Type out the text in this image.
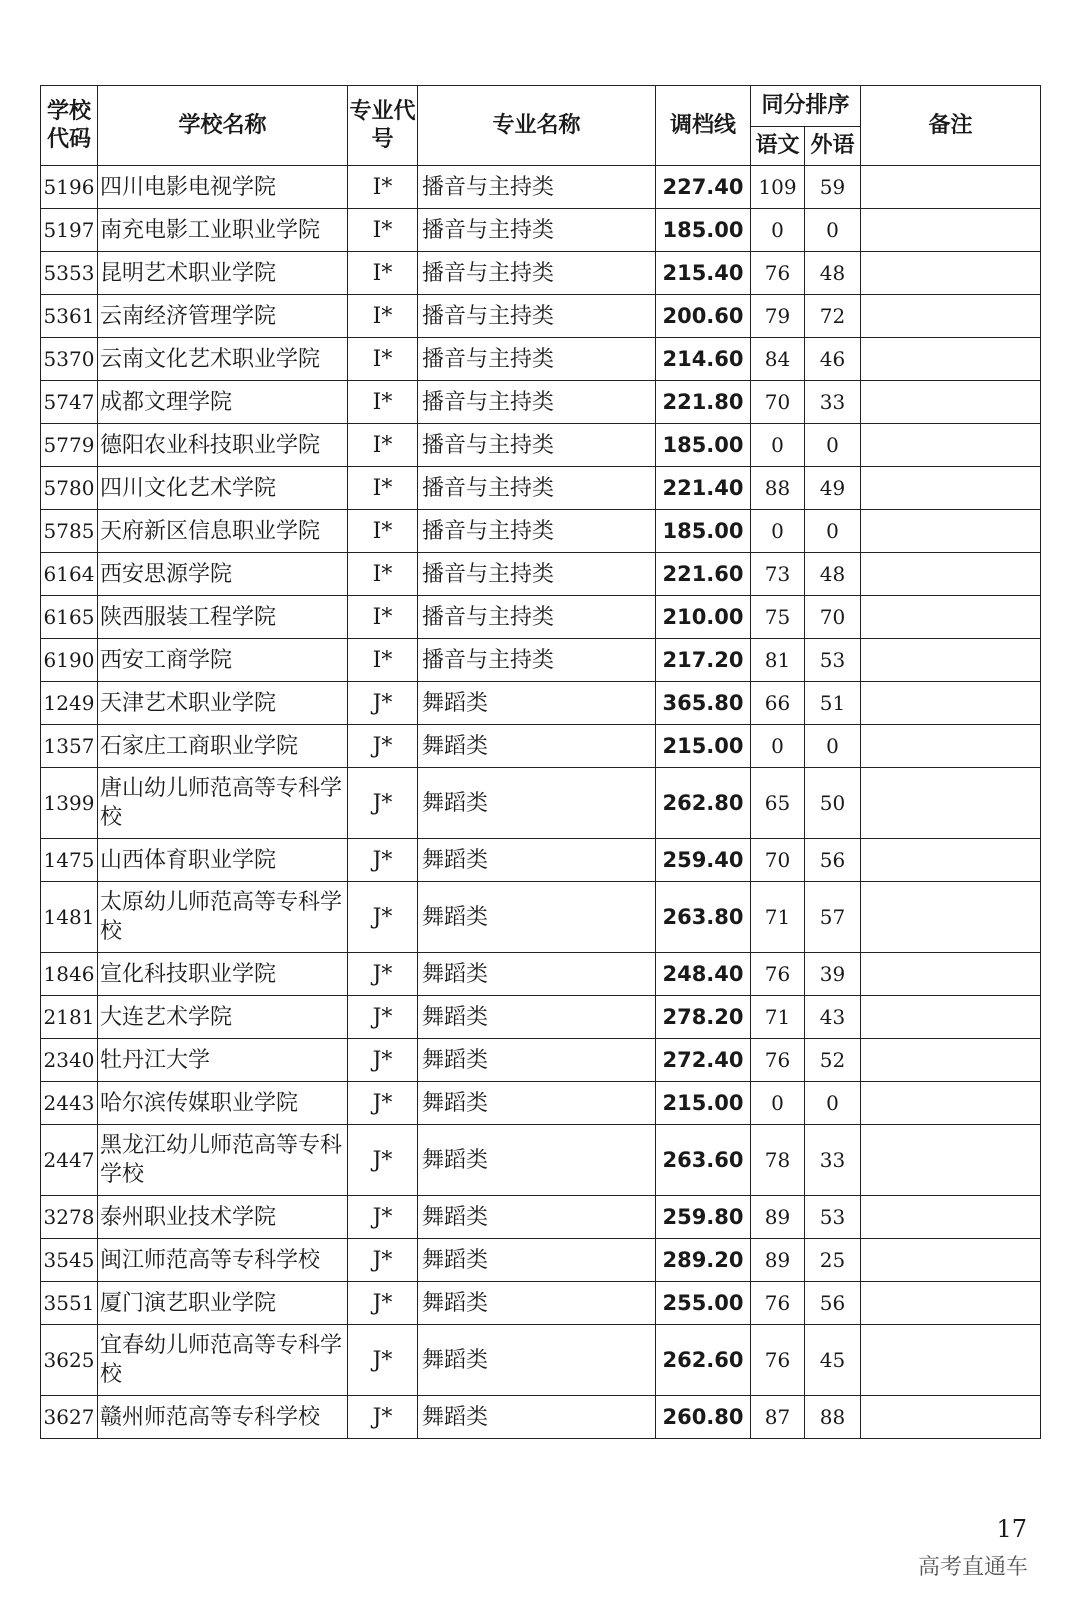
学校代码	学校名称	专业代号	专业名称	调档线	同分排序		备注
					语文	外语	
5196	四川电影电视学院	I*	播音与主持类	227.40	109	59	
5197	南充电影工业职业学院	I*	播音与主持类	185.00	0	0	
5353	昆明艺术职业学院	I*	播音与主持类	215.40	76	48	
5361	云南经济管理学院	I*	播音与主持类	200.60	79	72	
5370	云南文化艺术职业学院	I*	播音与主持类	214.60	84	46	
5747	成都文理学院	I*	播音与主持类	221.80	70	33	
5779	德阳农业科技职业学院	I*	播音与主持类	185.00	0	0	
5780	四川文化艺术学院	I*	播音与主持类	221.40	88	49	
5785	天府新区信息职业学院	I*	播音与主持类	185.00	0	0	
6164	西安思源学院	I*	播音与主持类	221.60	73	48	
6165	陕西服装工程学院	I*	播音与主持类	210.00	75	70	
6190	西安工商学院	I*	播音与主持类	217.20	81	53	
1249	天津艺术职业学院	J*	舞蹈类	365.80	66	51	
1357	石家庄工商职业学院	J*	舞蹈类	215.00	0	0	
1399	唐山幼儿师范高等专科学校	J*	舞蹈类	262.80	65	50	
1475	山西体育职业学院	J*	舞蹈类	259.40	70	56	
1481	太原幼儿师范高等专科学校	J*	舞蹈类	263.80	71	57	
1846	宣化科技职业学院	J*	舞蹈类	248.40	76	39	
2181	大连艺术学院	J*	舞蹈类	278.20	71	43	
2340	牡丹江大学	J*	舞蹈类	272.40	76	52	
2443	哈尔滨传媒职业学院	J*	舞蹈类	215.00	0	0	
2447	黑龙江幼儿师范高等专科学校	J*	舞蹈类	263.60	78	33	
3278	泰州职业技术学院	J*	舞蹈类	259.80	89	53	
3545	闽江师范高等专科学校	J*	舞蹈类	289.20	89	25	
3551	厦门演艺职业学院	J*	舞蹈类	255.00	76	56	
3625	宜春幼儿师范高等专科学校	J*	舞蹈类	262.60	76	45	
3627	赣州师范高等专科学校	J*	舞蹈类	260.80	87	88	
17
高考直通车
